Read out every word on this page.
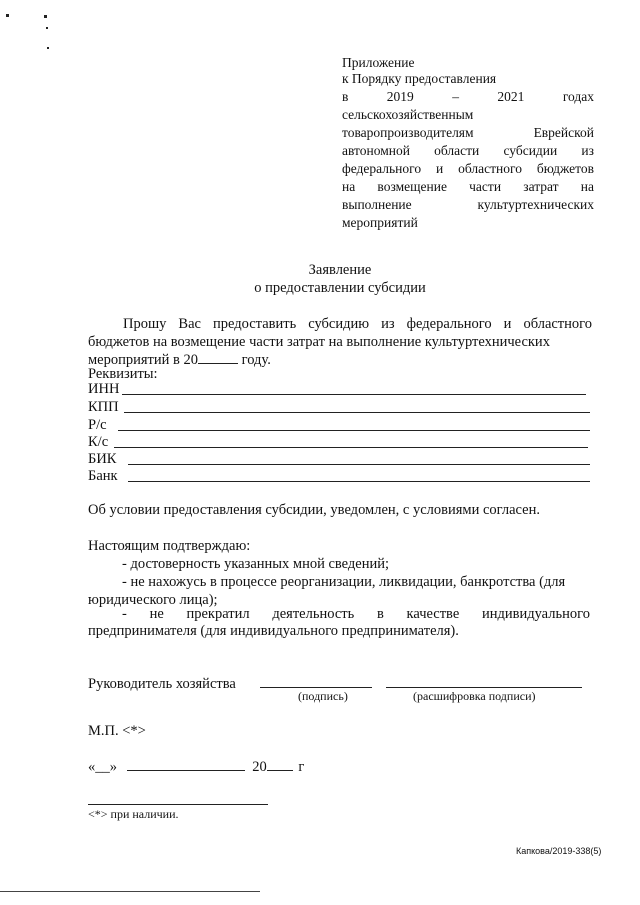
Приложение
к Порядку предоставления
в	2019	–	2021	годах
сельскохозяйственным
товаропроизводителям	Еврейской
автономной области субсидии из
федерального и областного бюджетов
на возмещение части затрат на
выполнение	культуртехнических
мероприятий
Заявление
о предоставлении субсидии
Прошу Вас предоставить субсидию из федерального и областного
бюджетов на возмещение части затрат на выполнение культуртехнических
мероприятий в 20	году.
Реквизиты:
ИНН
КПП
Р/с
К/с
БИК
Банк
Об условии предоставления субсидии, уведомлен, с условиями согласен.
Настоящим подтверждаю:
- достоверность указанных мной сведений;
- не нахожусь в процессе реорганизации, ликвидации, банкротства (для
юридического лица);
- не прекратил деятельность в качестве индивидуального
предпринимателя (для индивидуального предпринимателя).
Руководитель хозяйства
(подпись)	(расшифровка подписи)
М.П. <*>
«__»	20 г
<*> при наличии.
Капкова/2019-338(5)
